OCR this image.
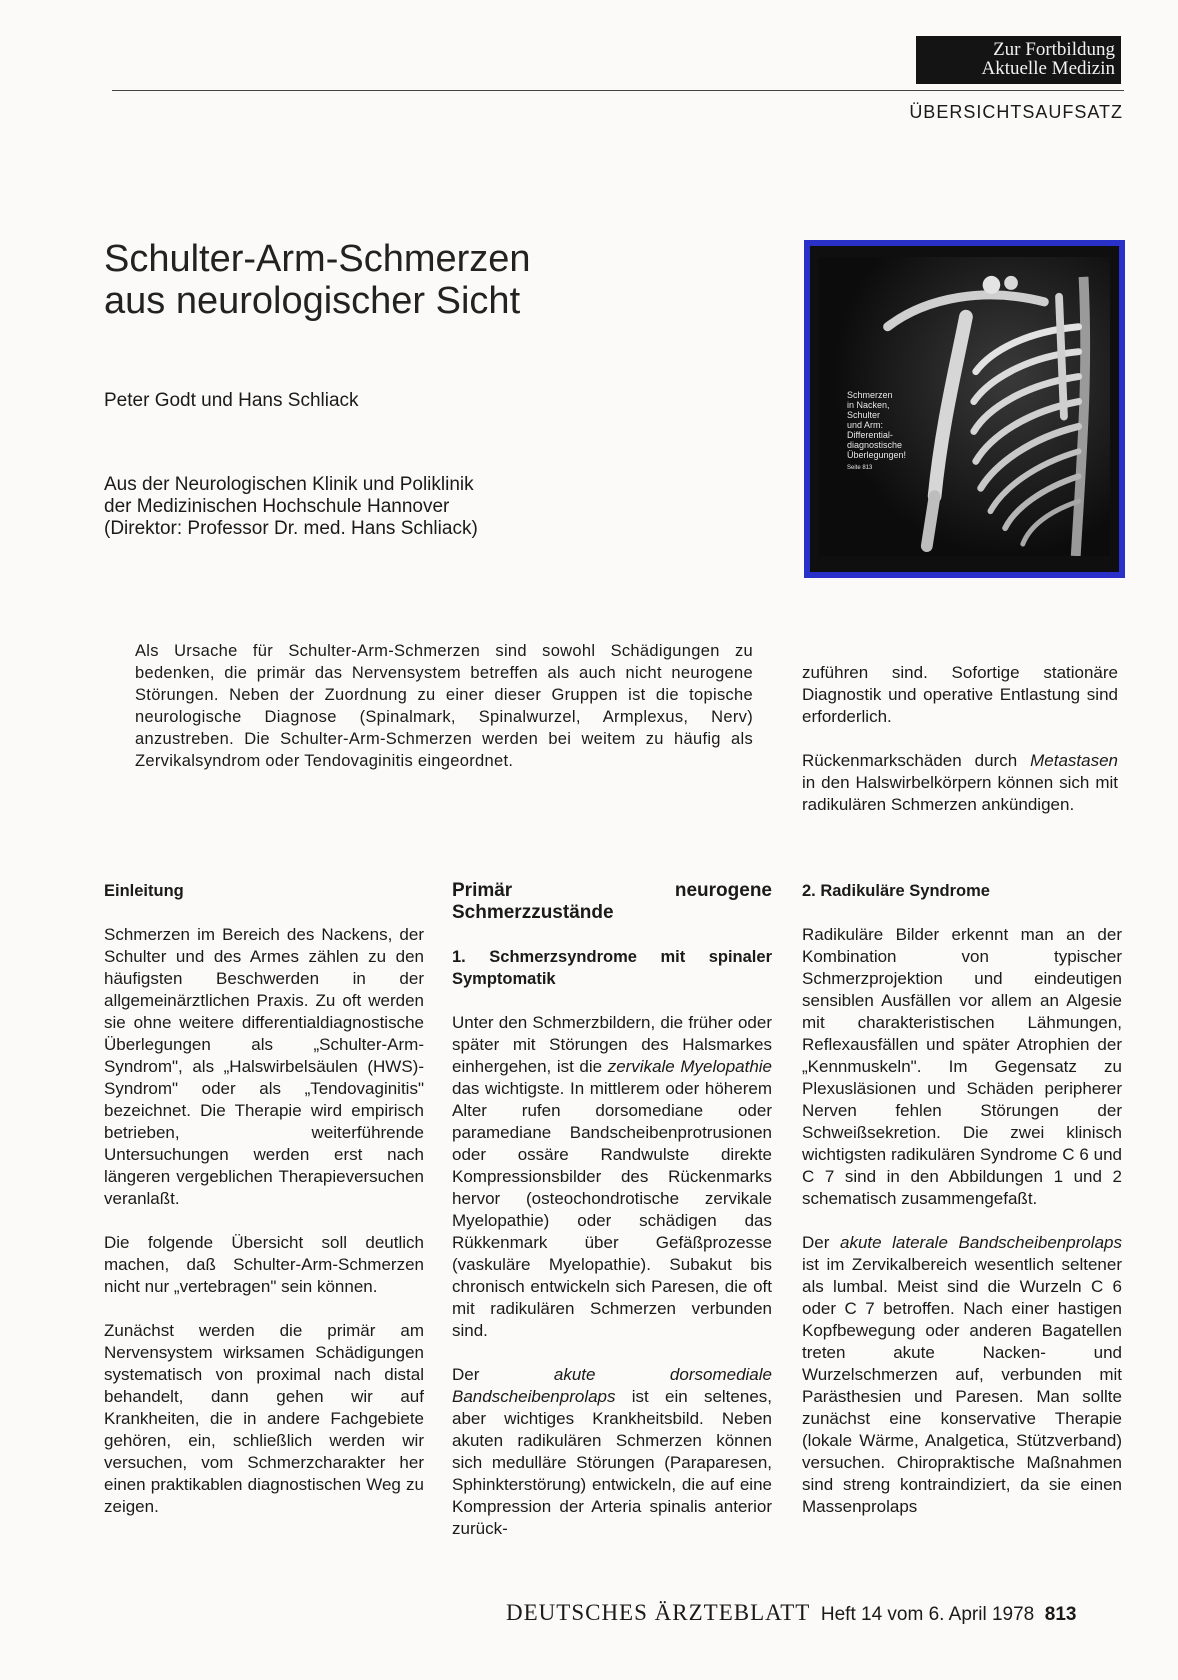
Zur Fortbildung
Aktuelle Medizin
ÜBERSICHTSAUFSATZ
Schulter-Arm-Schmerzen
aus neurologischer Sicht
Peter Godt und Hans Schliack
Aus der Neurologischen Klinik und Poliklinik
der Medizinischen Hochschule Hannover
(Direktor: Professor Dr. med. Hans Schliack)
Schmerzen
in Nacken,
Schulter
und Arm:
Differential-
diagnostische
Überlegungen!
Seite 813
Als Ursache für Schulter-Arm-Schmerzen sind sowohl Schädigungen zu bedenken, die primär das Nervensystem betreffen als auch nicht neurogene Störungen. Neben der Zuordnung zu einer dieser Gruppen ist die topische neurologische Diagnose (Spinalmark, Spinalwurzel, Armplexus, Nerv) anzustreben. Die Schulter-Arm-Schmerzen werden bei weitem zu häufig als Zervikalsyndrom oder Tendovaginitis eingeordnet.

zuführen sind. Sofortige stationäre Diagnostik und operative Entlastung sind erforderlich.

Rückenmarkschäden durch Metastasen in den Halswirbelkörpern können sich mit radikulären Schmerzen ankündigen.

Einleitung

Schmerzen im Bereich des Nackens, der Schulter und des Armes zählen zu den häufigsten Beschwerden in der allgemeinärztlichen Praxis. Zu oft werden sie ohne weitere differentialdiagnostische Überlegungen als „Schulter-Arm-Syndrom", als „Halswirbelsäulen (HWS)-Syndrom" oder als „Tendovaginitis" bezeichnet. Die Therapie wird empirisch betrieben, weiterführende Untersuchungen werden erst nach längeren vergeblichen Therapieversuchen veranlaßt.

Die folgende Übersicht soll deutlich machen, daß Schulter-Arm-Schmerzen nicht nur „vertebragen" sein können.

Zunächst werden die primär am Nervensystem wirksamen Schädigungen systematisch von proximal nach distal behandelt, dann gehen wir auf Krankheiten, die in andere Fachgebiete gehören, ein, schließlich werden wir versuchen, vom Schmerzcharakter her einen praktikablen diagnostischen Weg zu zeigen.

Primär neurogene Schmerzzustände
1. Schmerzsyndrome mit spinaler Symptomatik

Unter den Schmerzbildern, die früher oder später mit Störungen des Halsmarkes einhergehen, ist die zervikale Myelopathie das wichtigste. In mittlerem oder höherem Alter rufen dorsomediane oder paramediane Bandscheibenprotrusionen oder ossäre Randwulste direkte Kompressionsbilder des Rückenmarks hervor (osteochondrotische zervikale Myelopathie) oder schädigen das Rükkenmark über Gefäßprozesse (vaskuläre Myelopathie). Subakut bis chronisch entwickeln sich Paresen, die oft mit radikulären Schmerzen verbunden sind.

Der akute dorsomediale Bandscheibenprolaps ist ein seltenes, aber wichtiges Krankheitsbild. Neben akuten radikulären Schmerzen können sich medulläre Störungen (Paraparesen, Sphinkterstörung) entwickeln, die auf eine Kompression der Arteria spinalis anterior zurück-

2. Radikuläre Syndrome

Radikuläre Bilder erkennt man an der Kombination von typischer Schmerzprojektion und eindeutigen sensiblen Ausfällen vor allem an Algesie mit charakteristischen Lähmungen, Reflexausfällen und später Atrophien der „Kennmuskeln". Im Gegensatz zu Plexusläsionen und Schäden peripherer Nerven fehlen Störungen der Schweißsekretion. Die zwei klinisch wichtigsten radikulären Syndrome C 6 und C 7 sind in den Abbildungen 1 und 2 schematisch zusammengefaßt.

Der akute laterale Bandscheibenprolaps ist im Zervikalbereich wesentlich seltener als lumbal. Meist sind die Wurzeln C 6 oder C 7 betroffen. Nach einer hastigen Kopfbewegung oder anderen Bagatellen treten akute Nacken- und Wurzelschmerzen auf, verbunden mit Parästhesien und Paresen. Man sollte zunächst eine konservative Therapie (lokale Wärme, Analgetica, Stützverband) versuchen. Chiropraktische Maßnahmen sind streng kontraindiziert, da sie einen Massenprolaps

DEUTSCHES ÄRZTEBLATT Heft 14 vom 6. April 1978 813
